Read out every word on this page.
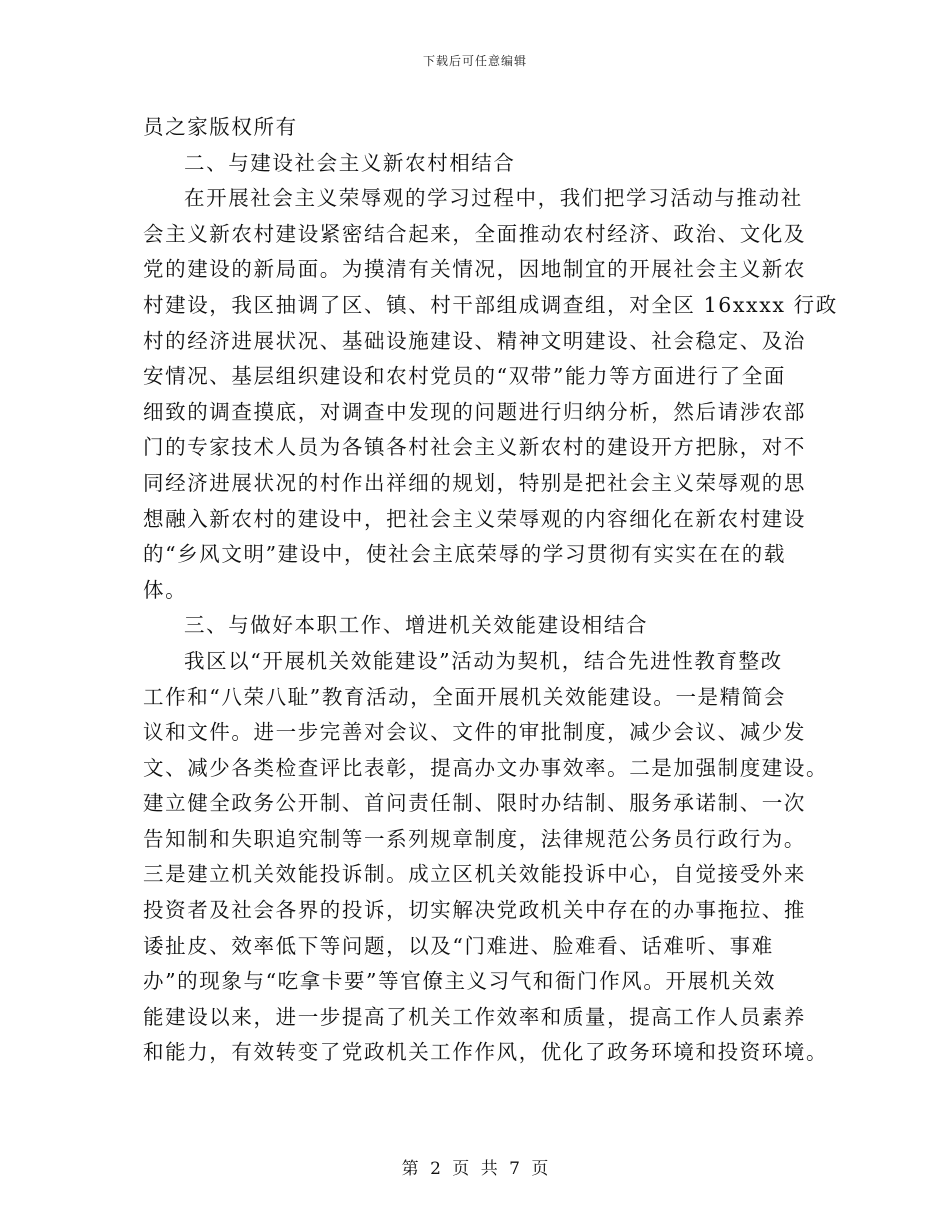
下载后可任意编辑
员之家版权所有
二、与建设社会主义新农村相结合
在开展社会主义荣辱观的学习过程中，我们把学习活动与推动社
会主义新农村建设紧密结合起来，全面推动农村经济、政治、文化及
党的建设的新局面。为摸清有关情况，因地制宜的开展社会主义新农
村建设，我区抽调了区、镇、村干部组成调查组，对全区 16xxxx 行政
村的经济进展状况、基础设施建设、精神文明建设、社会稳定、及治
安情况、基层组织建设和农村党员的“双带”能力等方面进行了全面
细致的调查摸底，对调查中发现的问题进行归纳分析，然后请涉农部
门的专家技术人员为各镇各村社会主义新农村的建设开方把脉，对不
同经济进展状况的村作出祥细的规划，特别是把社会主义荣辱观的思
想融入新农村的建设中，把社会主义荣辱观的内容细化在新农村建设
的“乡风文明”建设中，使社会主底荣辱的学习贯彻有实实在在的载
体。
三、与做好本职工作、增进机关效能建设相结合
我区以“开展机关效能建设”活动为契机，结合先进性教育整改
工作和“八荣八耻”教育活动，全面开展机关效能建设。一是精简会
议和文件。进一步完善对会议、文件的审批制度，减少会议、减少发
文、减少各类检查评比表彰，提高办文办事效率。二是加强制度建设。
建立健全政务公开制、首问责任制、限时办结制、服务承诺制、一次
告知制和失职追究制等一系列规章制度，法律规范公务员行政行为。
三是建立机关效能投诉制。成立区机关效能投诉中心，自觉接受外来
投资者及社会各界的投诉，切实解决党政机关中存在的办事拖拉、推
诿扯皮、效率低下等问题，以及“门难进、脸难看、话难听、事难
办”的现象与“吃拿卡要”等官僚主义习气和衙门作风。开展机关效
能建设以来，进一步提高了机关工作效率和质量，提高工作人员素养
和能力，有效转变了党政机关工作作风，优化了政务环境和投资环境。
第 2 页 共 7 页
